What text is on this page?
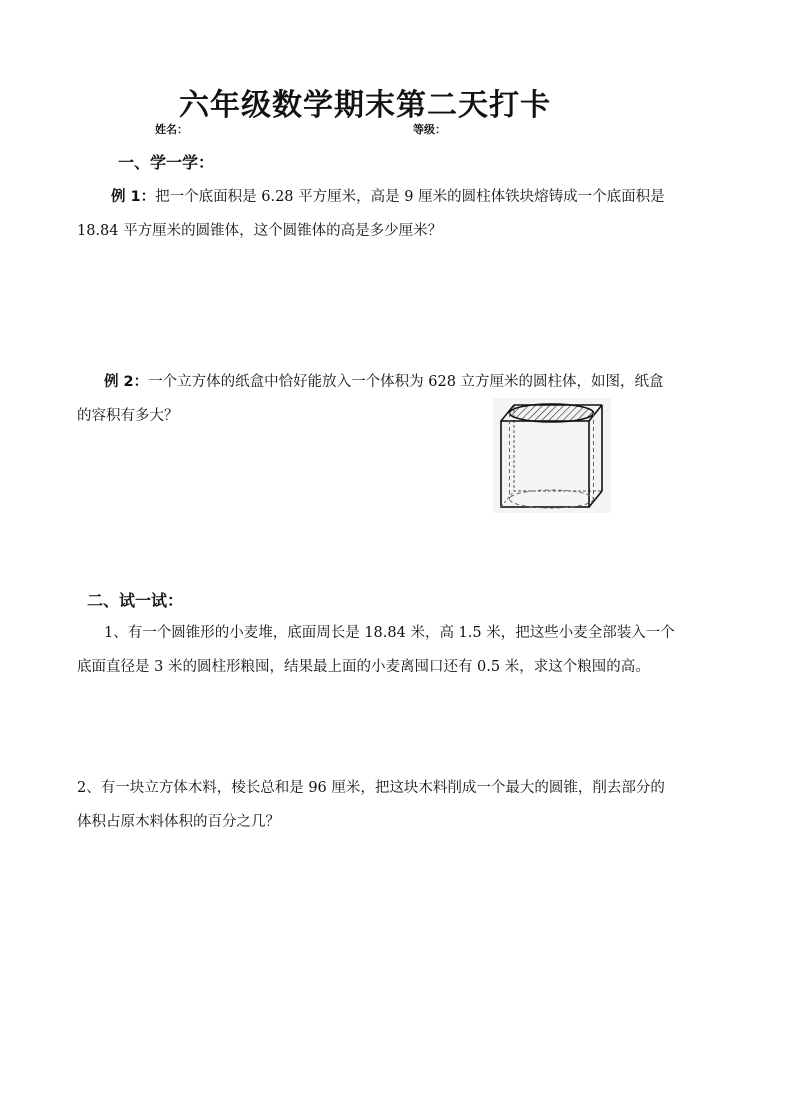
六年级数学期末第二天打卡
姓名：	等级：
一、学一学：
例 1：把一个底面积是 6.28 平方厘米，高是 9 厘米的圆柱体铁块熔铸成一个底面积是
18.84 平方厘米的圆锥体，这个圆锥体的高是多少厘米？
例 2：一个立方体的纸盒中恰好能放入一个体积为 628 立方厘米的圆柱体，如图，纸盒
的容积有多大？
二、试一试：
1、有一个圆锥形的小麦堆，底面周长是 18.84 米，高 1.5 米，把这些小麦全部装入一个
底面直径是 3 米的圆柱形粮囤，结果最上面的小麦离囤口还有 0.5 米，求这个粮囤的高。
2、有一块立方体木料，棱长总和是 96 厘米，把这块木料削成一个最大的圆锥，削去部分的
体积占原木料体积的百分之几？
